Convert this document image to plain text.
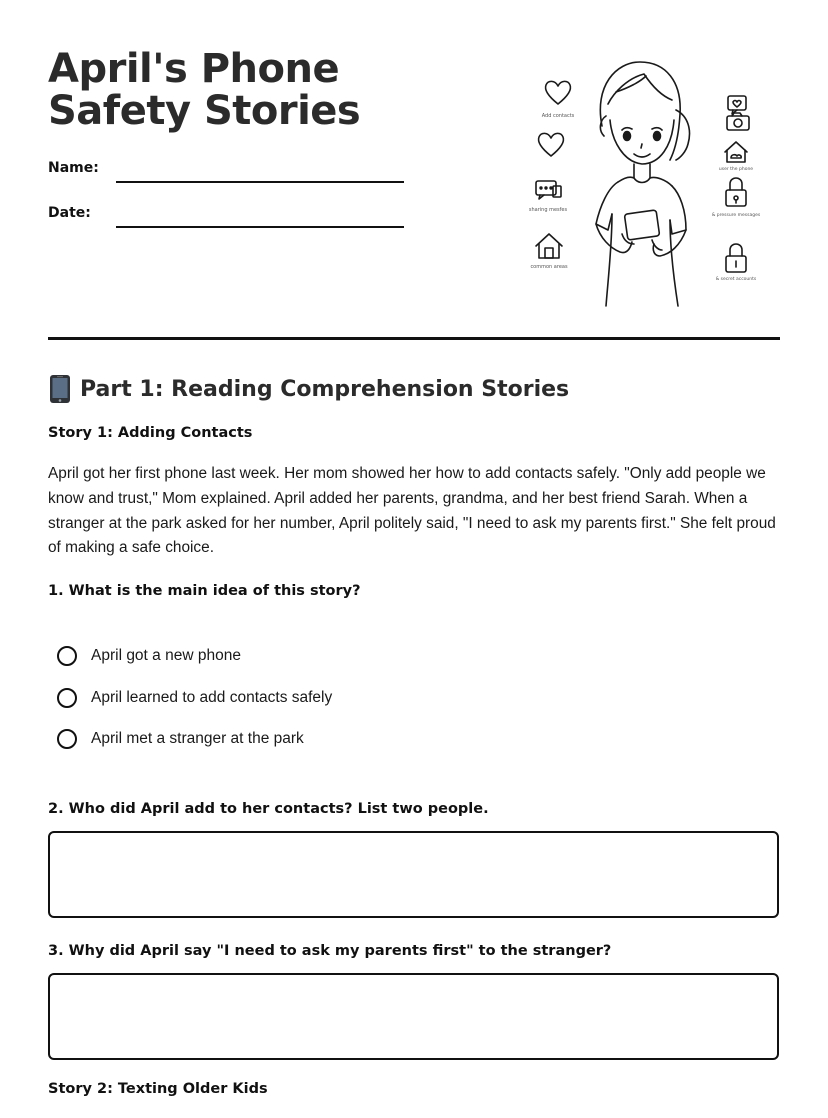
April's Phone Safety Stories
Name:
Date:
Add contacts
sharing mesfes
common areas
user the phone
& pressure messages
& secret accounts
Part 1: Reading Comprehension Stories
Story 1: Adding Contacts

April got her first phone last week. Her mom showed her how to add contacts safely. "Only add people we know and trust," Mom explained. April added her parents, grandma, and her best friend Sarah. When a stranger at the park asked for her number, April politely said, "I need to ask my parents first." She felt proud of making a safe choice.

1. What is the main idea of this story?
April got a new phone
April learned to add contacts safely
April met a stranger at the park
2. Who did April add to her contacts? List two people.
3. Why did April say "I need to ask my parents first" to the stranger?
Story 2: Texting Older Kids
